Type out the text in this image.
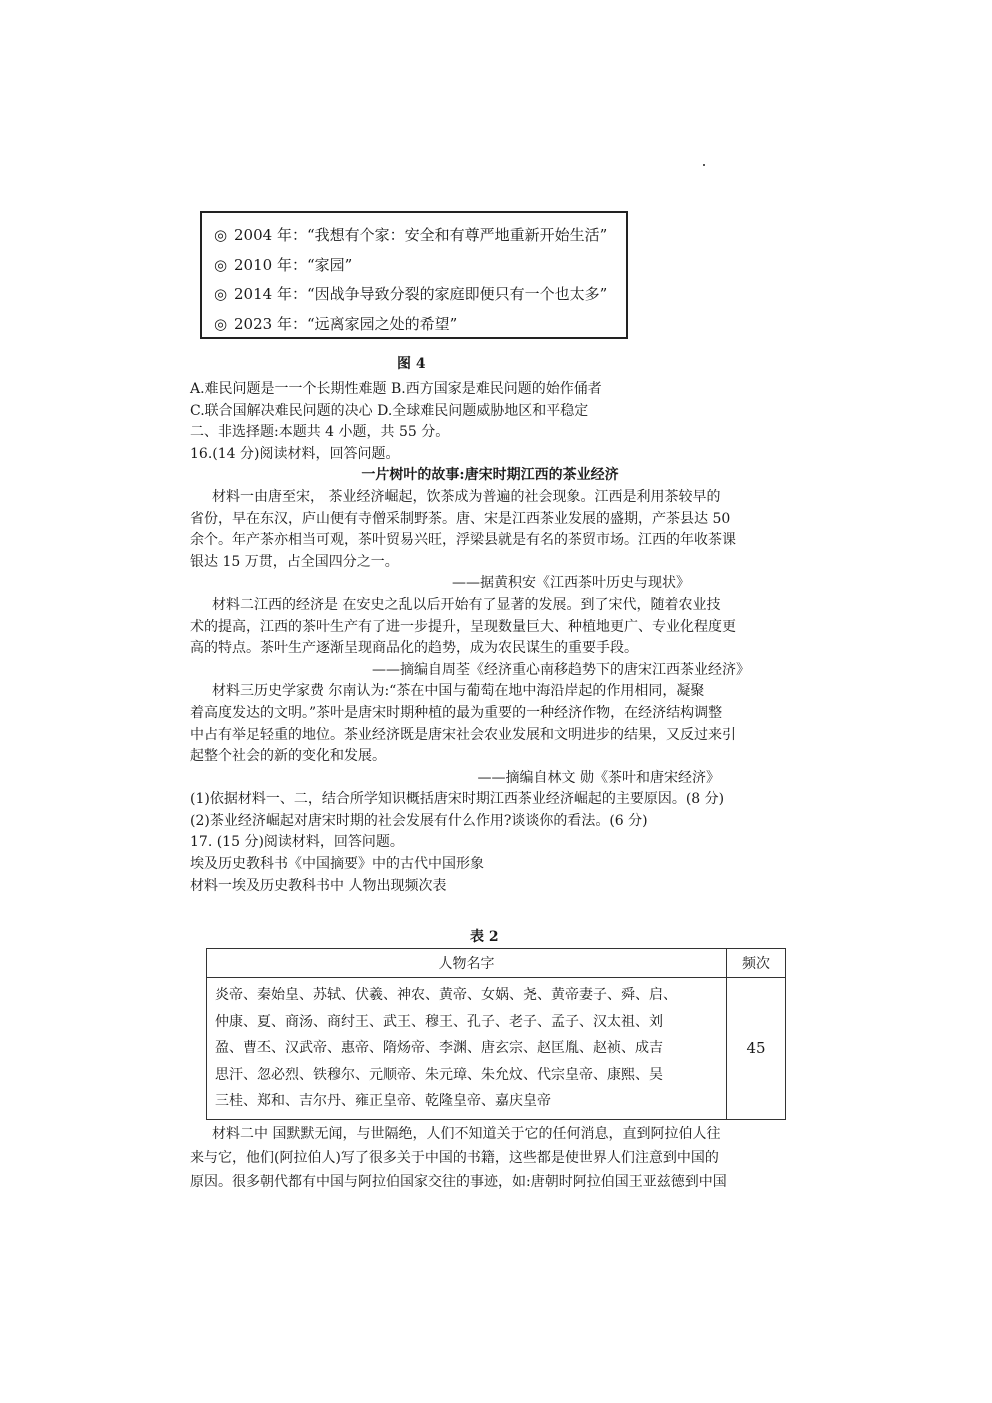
◎ 2004 年：“我想有个家：安全和有尊严地重新开始生活”
◎ 2010 年：“家园”
◎ 2014 年：“因战争导致分裂的家庭即便只有一个也太多”
◎ 2023 年：“远离家园之处的希望”
图 4

A.难民问题是一一个长期性难题 B.西方国家是难民问题的始作俑者

C.联合国解决难民问题的决心 D.全球难民问题威胁地区和平稳定

二、非选择题:本题共 4 小题，共 55 分。

16.(14 分)阅读材料，回答问题。

一片树叶的故事:唐宋时期江西的茶业经济

材料一由唐至宋， 茶业经济崛起，饮茶成为普遍的社会现象。江西是利用茶较早的

省份，早在东汉，庐山便有寺僧采制野茶。唐、宋是江西茶业发展的盛期，产茶县达 50

余个。年产茶亦相当可观，茶叶贸易兴旺，浮梁县就是有名的茶贸市场。江西的年收茶课

银达 15 万贯，占全国四分之一。

——据黄积安《江西茶叶历史与现状》

材料二江西的经济是 在安史之乱以后开始有了显著的发展。到了宋代，随着农业技

术的提高，江西的茶叶生产有了进一步提升，呈现数量巨大、种植地更广、专业化程度更

高的特点。茶叶生产逐渐呈现商品化的趋势，成为农民谋生的重要手段。

——摘编自周荃《经济重心南移趋势下的唐宋江西茶业经济》

材料三历史学家费 尔南认为:“茶在中国与葡萄在地中海沿岸起的作用相同，凝聚

着高度发达的文明。”茶叶是唐宋时期种植的最为重要的一种经济作物，在经济结构调整

中占有举足轻重的地位。茶业经济既是唐宋社会农业发展和文明进步的结果，又反过来引

起整个社会的新的变化和发展。

——摘编自林文 勋《茶叶和唐宋经济》

(1)依据材料一、二，结合所学知识概括唐宋时期江西茶业经济崛起的主要原因。(8 分)

(2)茶业经济崛起对唐宋时期的社会发展有什么作用?谈谈你的看法。(6 分)

17. (15 分)阅读材料，回答问题。

埃及历史教科书《中国摘要》中的古代中国形象

材料一埃及历史教科书中 人物出现频次表

表 2
人物名字	频次

炎帝、秦始皇、苏轼、伏羲、神农、黄帝、女娲、尧、黄帝妻子、舜、启、
仲康、夏、商汤、商纣王、武王、穆王、孔子、老子、孟子、汉太祖、刘
盈、曹丕、汉武帝、惠帝、隋炀帝、李渊、唐玄宗、赵匡胤、赵祯、成吉
思汗、忽必烈、铁穆尔、元顺帝、朱元璋、朱允炆、代宗皇帝、康熙、吴
三桂、郑和、吉尔丹、雍正皇帝、乾隆皇帝、嘉庆皇帝	45

材料二中 国默默无闻，与世隔绝，人们不知道关于它的任何消息，直到阿拉伯人往

来与它，他们(阿拉伯人)写了很多关于中国的书籍，这些都是使世界人们注意到中国的

原因。很多朝代都有中国与阿拉伯国家交往的事迹，如:唐朝时阿拉伯国王亚兹德到中国
